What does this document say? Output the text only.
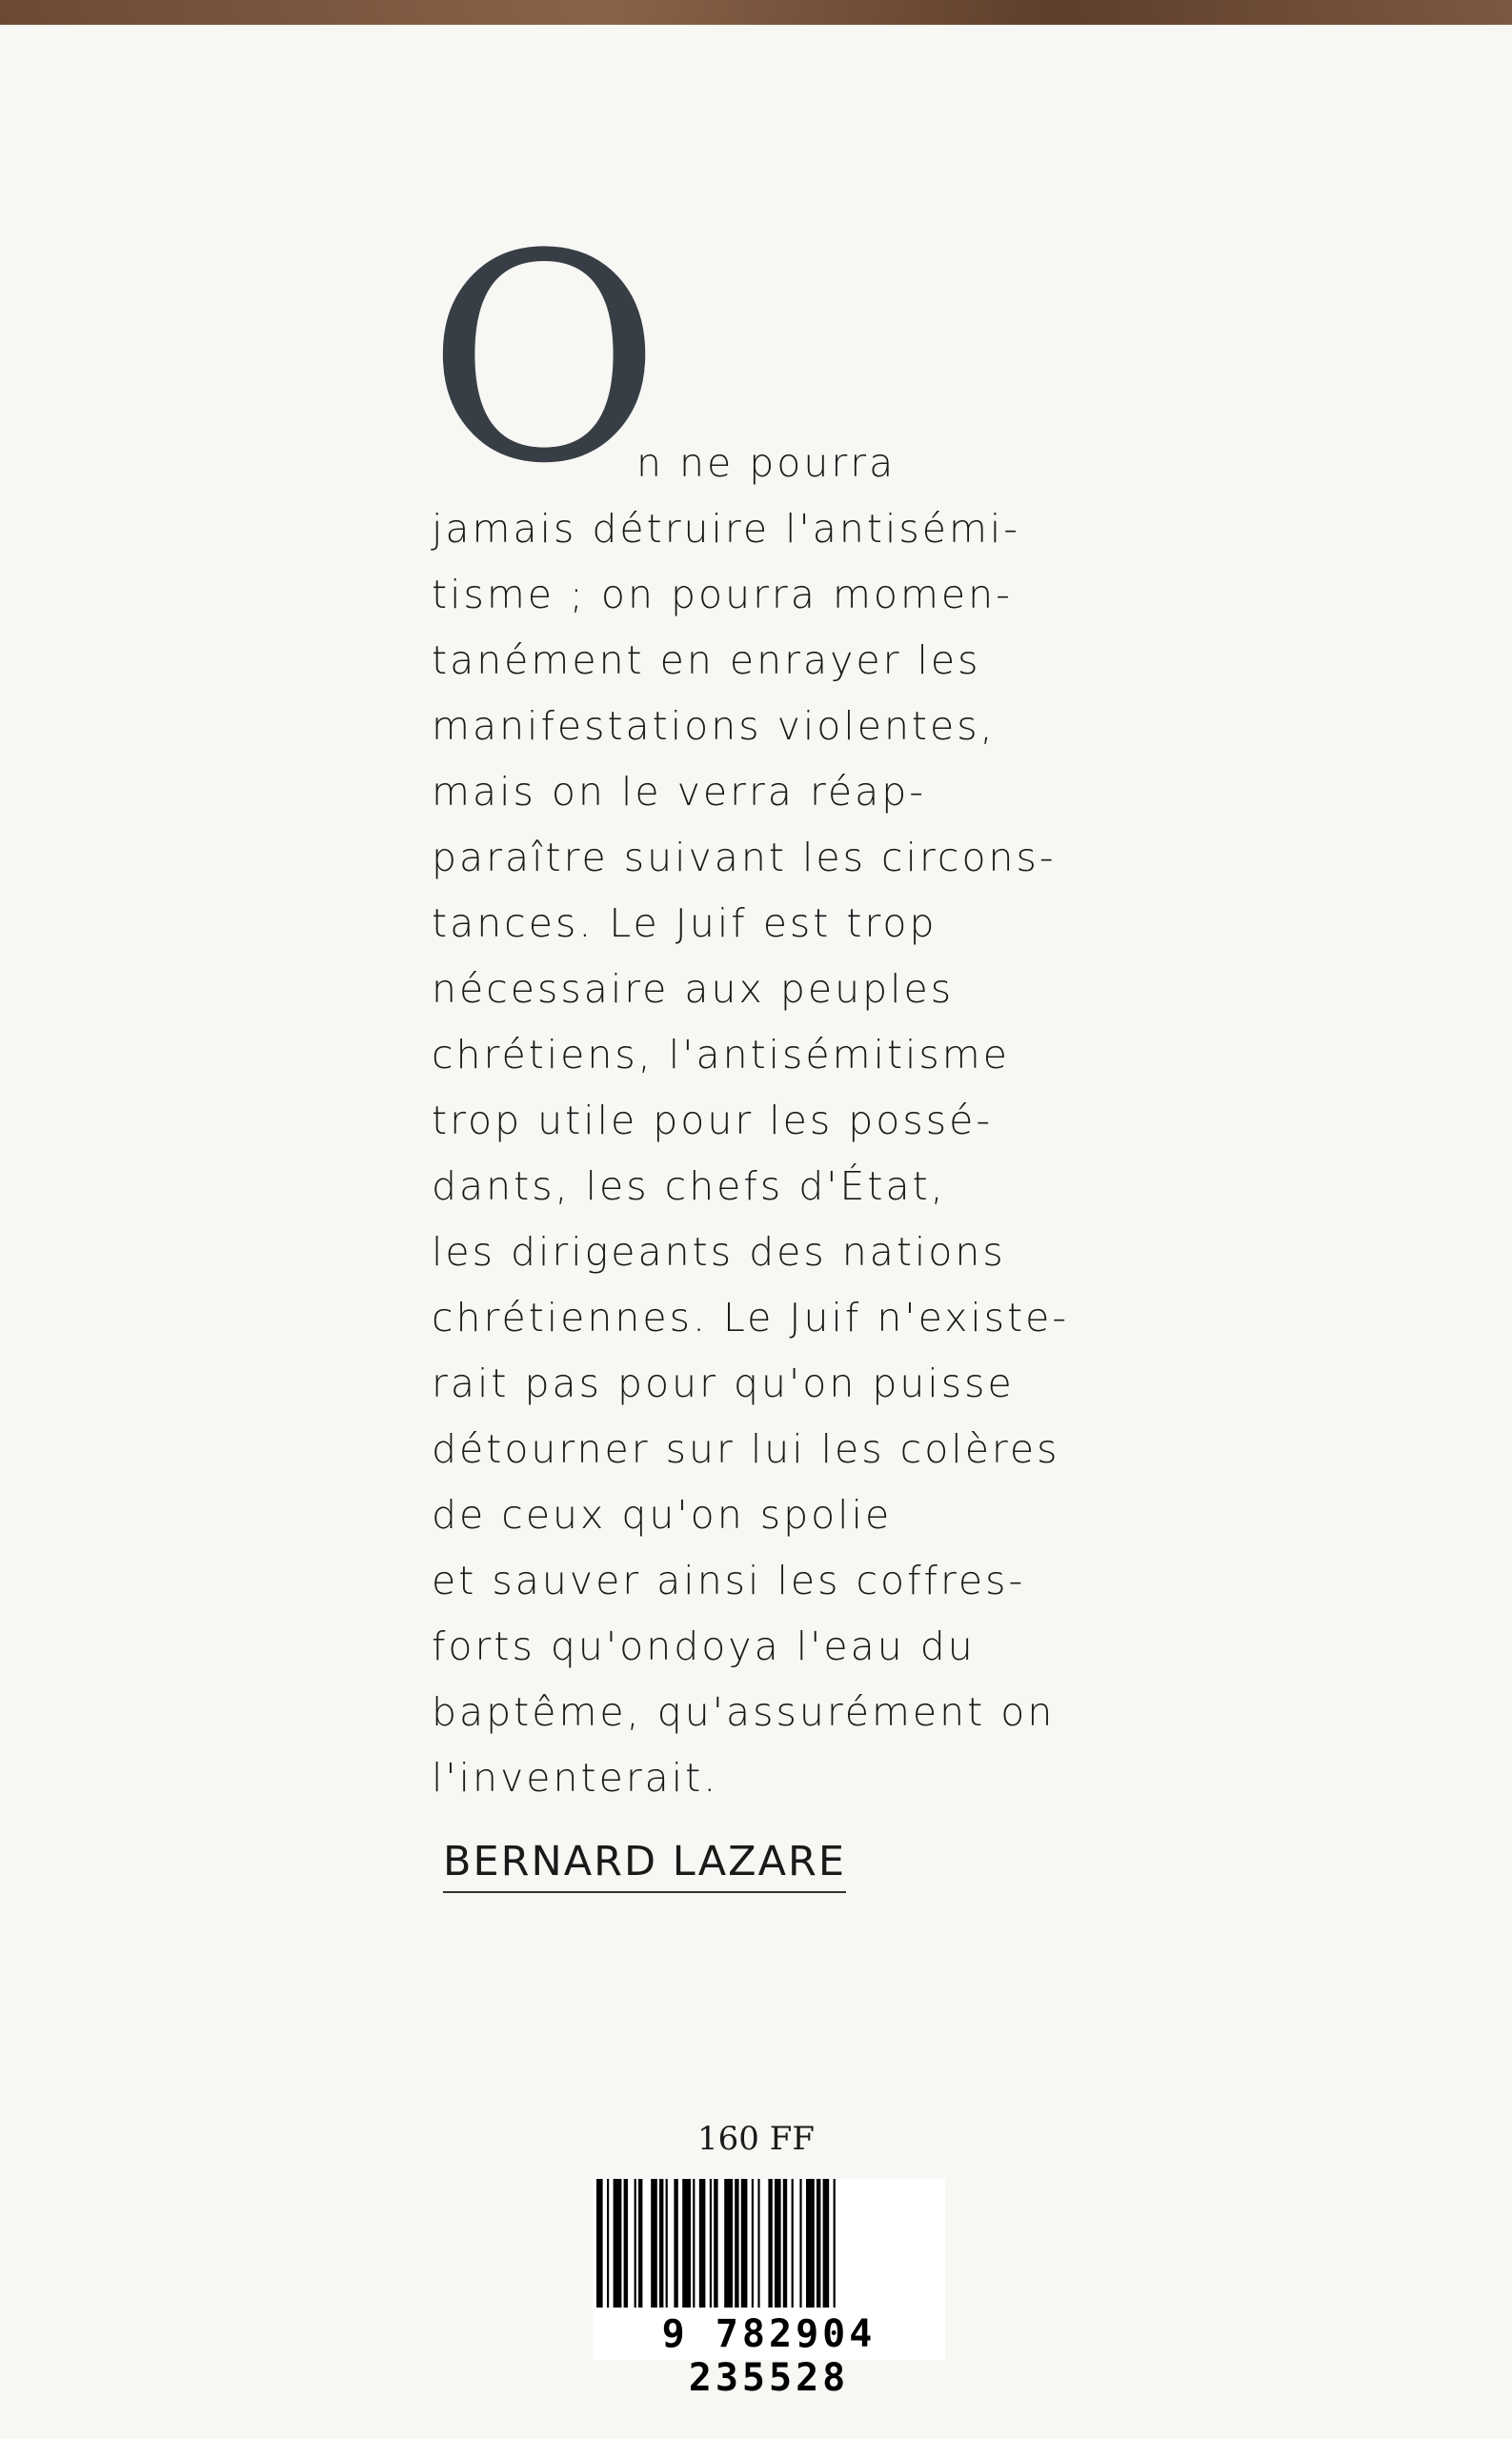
O
n ne pourra
jamais détruire l'antisémi-
tisme ; on pourra momen-
tanément en enrayer les
manifestations violentes,
mais on le verra réap-
paraître suivant les circons-
tances. Le Juif est trop
nécessaire aux peuples
chrétiens, l'antisémitisme
trop utile pour les possé-
dants, les chefs d'État,
les dirigeants des nations
chrétiennes. Le Juif n'existe-
rait pas pour qu'on puisse
détourner sur lui les colères
de ceux qu'on spolie
et sauver ainsi les coffres-
forts qu'ondoya l'eau du
baptême, qu'assurément on
l'inventerait.
BERNARD LAZARE
160 FF
9 782904 235528
